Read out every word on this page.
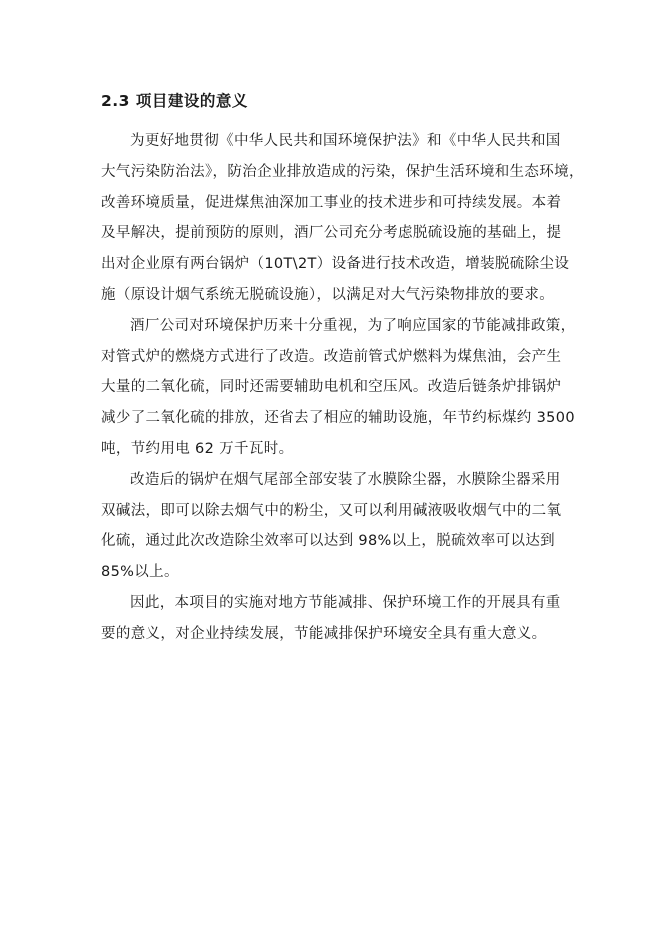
2.3 项目建设的意义
为更好地贯彻《中华人民共和国环境保护法》和《中华人民共和国
大气污染防治法》，防治企业排放造成的污染，保护生活环境和生态环境，
改善环境质量，促进煤焦油深加工事业的技术进步和可持续发展。本着
及早解决，提前预防的原则，酒厂公司充分考虑脱硫设施的基础上，提
出对企业原有两台锅炉（10T\2T）设备进行技术改造，增装脱硫除尘设
施（原设计烟气系统无脱硫设施），以满足对大气污染物排放的要求。
酒厂公司对环境保护历来十分重视，为了响应国家的节能减排政策，
对管式炉的燃烧方式进行了改造。改造前管式炉燃料为煤焦油，会产生
大量的二氧化硫，同时还需要辅助电机和空压风。改造后链条炉排锅炉
减少了二氧化硫的排放，还省去了相应的辅助设施，年节约标煤约 3500
吨，节约用电 62 万千瓦时。
改造后的锅炉在烟气尾部全部安装了水膜除尘器，水膜除尘器采用
双碱法，即可以除去烟气中的粉尘，又可以利用碱液吸收烟气中的二氧
化硫，通过此次改造除尘效率可以达到 98%以上，脱硫效率可以达到
85%以上。
因此，本项目的实施对地方节能减排、保护环境工作的开展具有重
要的意义，对企业持续发展，节能减排保护环境安全具有重大意义。
